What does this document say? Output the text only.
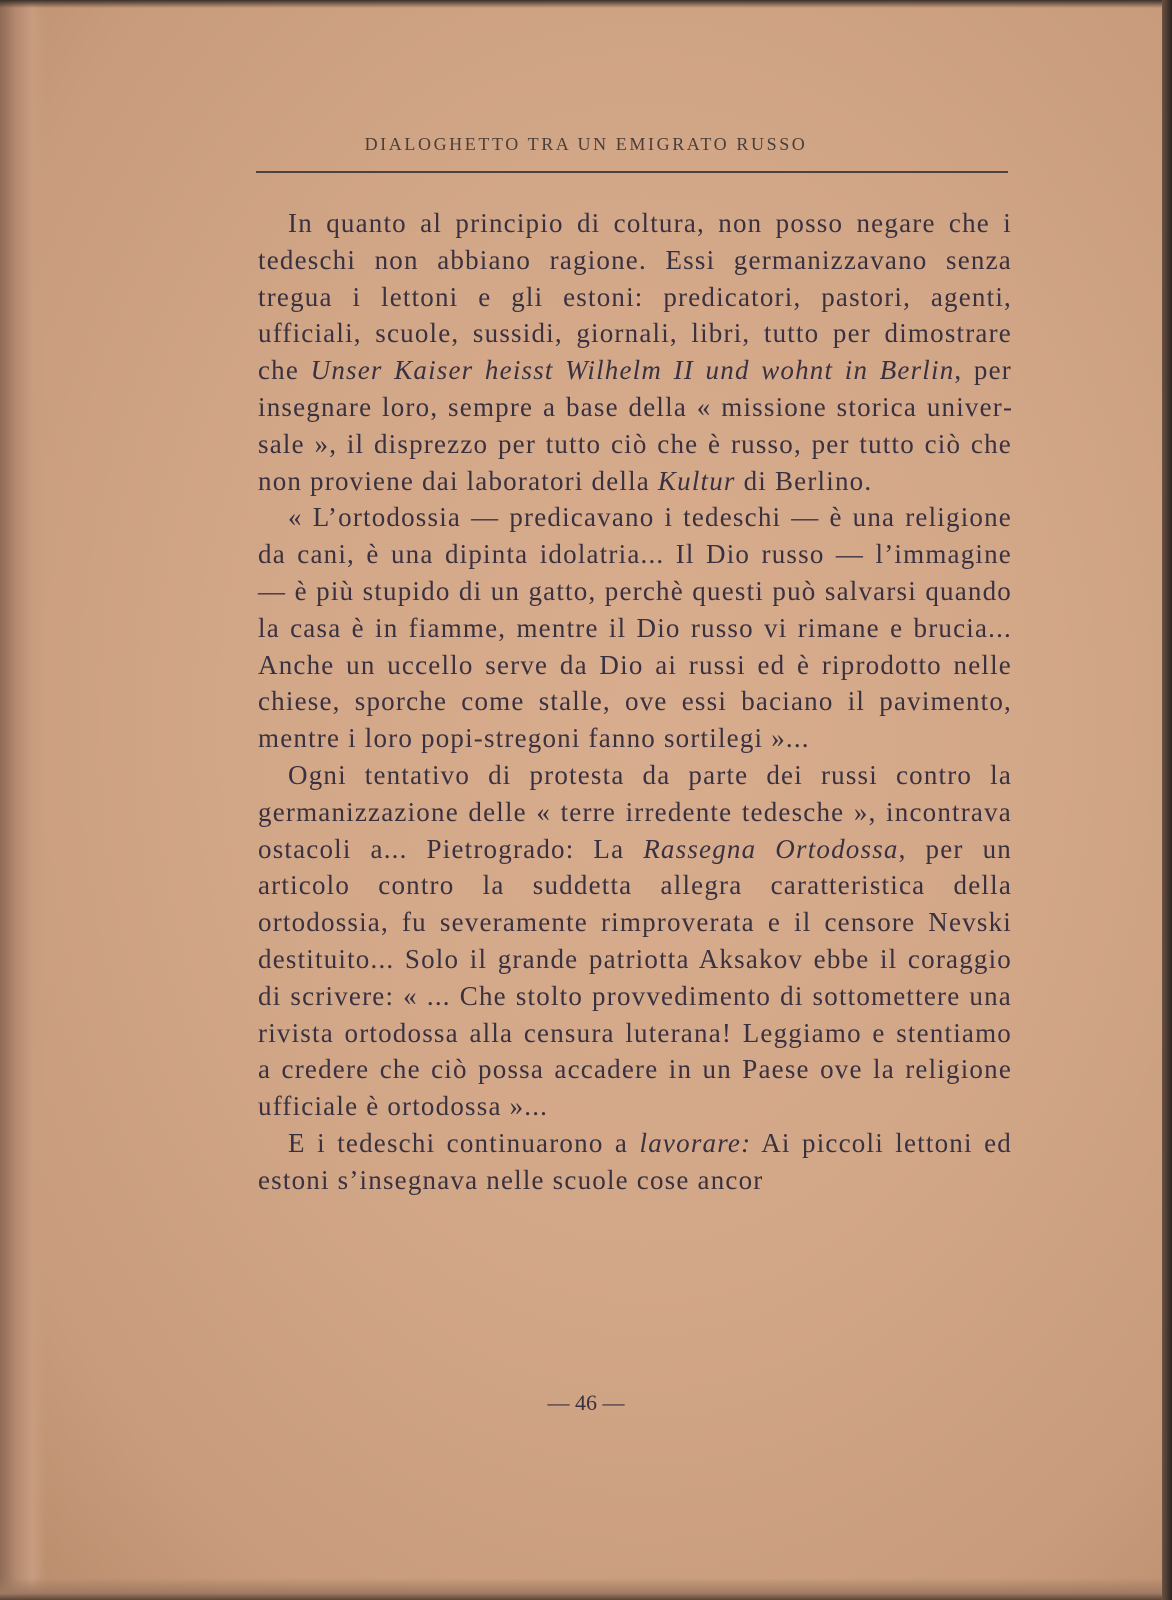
DIALOGHETTO TRA UN EMIGRATO RUSSO

In quanto al principio di coltura, non posso negare che i tedeschi non abbiano ragione. Essi germanizzavano senza tregua i lettoni e gli estoni: predicatori, pastori, agenti, ufficiali, scuole, sussidi, giornali, libri, tutto per dimostrare che Unser Kaiser heisst Wilhelm II und wohnt in Berlin, per insegnare loro, sempre a base della « missione storica universale », il disprezzo per tutto ciò che è russo, per tutto ciò che non proviene dai laboratori della Kultur di Berlino.

« L’ortodossia — predicavano i tedeschi — è una religione da cani, è una dipinta idolatria... Il Dio russo — l’immagine — è più stupido di un gatto, perchè questi può salvarsi quando la casa è in fiamme, mentre il Dio russo vi rimane e brucia... Anche un uccello serve da Dio ai russi ed è riprodotto nelle chiese, sporche come stalle, ove essi baciano il pavimento, mentre i loro popi-stregoni fanno sortilegi »...

Ogni tentativo di protesta da parte dei russi contro la germanizzazione delle « terre irredente tedesche », incontrava ostacoli a... Pietrogrado: La Rassegna Ortodossa, per un articolo contro la suddetta allegra caratteristica della ortodossia, fu severamente rimproverata e il censore Nevski destituito... Solo il grande patriotta Aksakov ebbe il coraggio di scrivere: « ... Che stolto provvedimento di sottomettere una rivista ortodossa alla censura luterana! Leggiamo e stentiamo a credere che ciò possa accadere in un Paese ove la religione ufficiale è ortodossa »...

E i tedeschi continuarono a lavorare: Ai piccoli lettoni ed estoni s’insegnava nelle scuole cose ancor

— 46 —
